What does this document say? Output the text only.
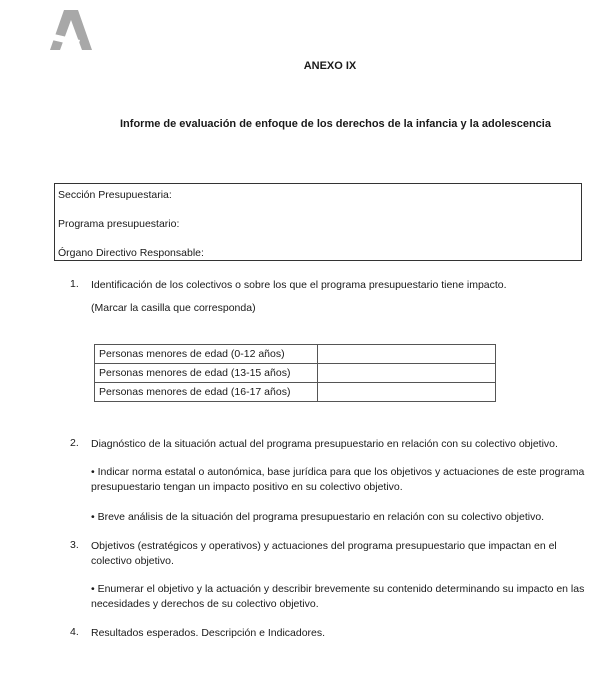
ANEXO IX
Informe de evaluación de enfoque de los derechos de la infancia y la adolescencia
Sección Presupuestaria:
Programa presupuestario:
Órgano Directivo Responsable:
1. Identificación de los colectivos o sobre los que el programa presupuestario tiene impacto.
(Marcar la casilla que corresponda)
Personas menores de edad (0-12 años)	
Personas menores de edad (13-15 años)	
Personas menores de edad (16-17 años)	
2. Diagnóstico de la situación actual del programa presupuestario en relación con su colectivo objetivo.
• Indicar norma estatal o autonómica, base jurídica para que los objetivos y actuaciones de este programa presupuestario tengan un impacto positivo en su colectivo objetivo.
• Breve análisis de la situación del programa presupuestario en relación con su colectivo objetivo.
3. Objetivos (estratégicos y operativos) y actuaciones del programa presupuestario que impactan en el colectivo objetivo.
• Enumerar el objetivo y la actuación y describir brevemente su contenido determinando su impacto en las necesidades y derechos de su colectivo objetivo.
4. Resultados esperados. Descripción e Indicadores.
